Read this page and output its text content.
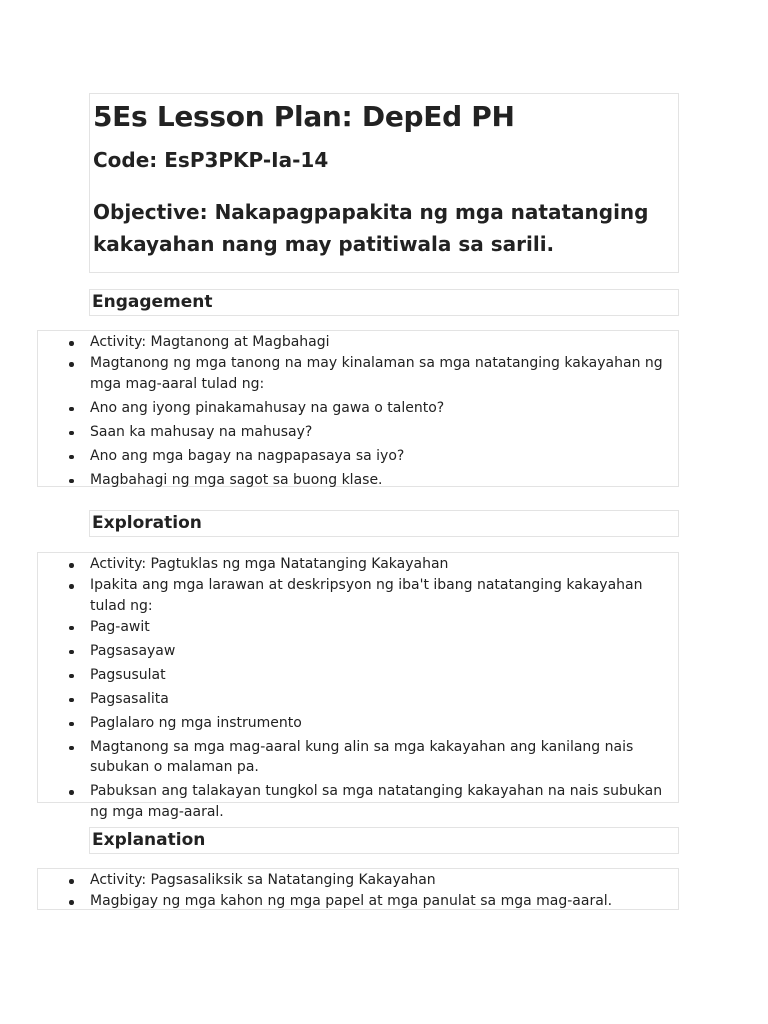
5Es Lesson Plan: DepEd PH
Code: EsP3PKP-Ia-14
Objective: Nakapagpapakita ng mga natatanging kakayahan nang may patitiwala sa sarili.
Engagement
Activity: Magtanong at Magbahagi
Magtanong ng mga tanong na may kinalaman sa mga natatanging kakayahan ng mga mag-aaral tulad ng:
Ano ang iyong pinakamahusay na gawa o talento?
Saan ka mahusay na mahusay?
Ano ang mga bagay na nagpapasaya sa iyo?
Magbahagi ng mga sagot sa buong klase.
Exploration
Activity: Pagtuklas ng mga Natatanging Kakayahan
Ipakita ang mga larawan at deskripsyon ng iba't ibang natatanging kakayahan tulad ng:
Pag-awit
Pagsasayaw
Pagsusulat
Pagsasalita
Paglalaro ng mga instrumento
Magtanong sa mga mag-aaral kung alin sa mga kakayahan ang kanilang nais subukan o malaman pa.
Pabuksan ang talakayan tungkol sa mga natatanging kakayahan na nais subukan ng mga mag-aaral.
Explanation
Activity: Pagsasaliksik sa Natatanging Kakayahan
Magbigay ng mga kahon ng mga papel at mga panulat sa mga mag-aaral.
